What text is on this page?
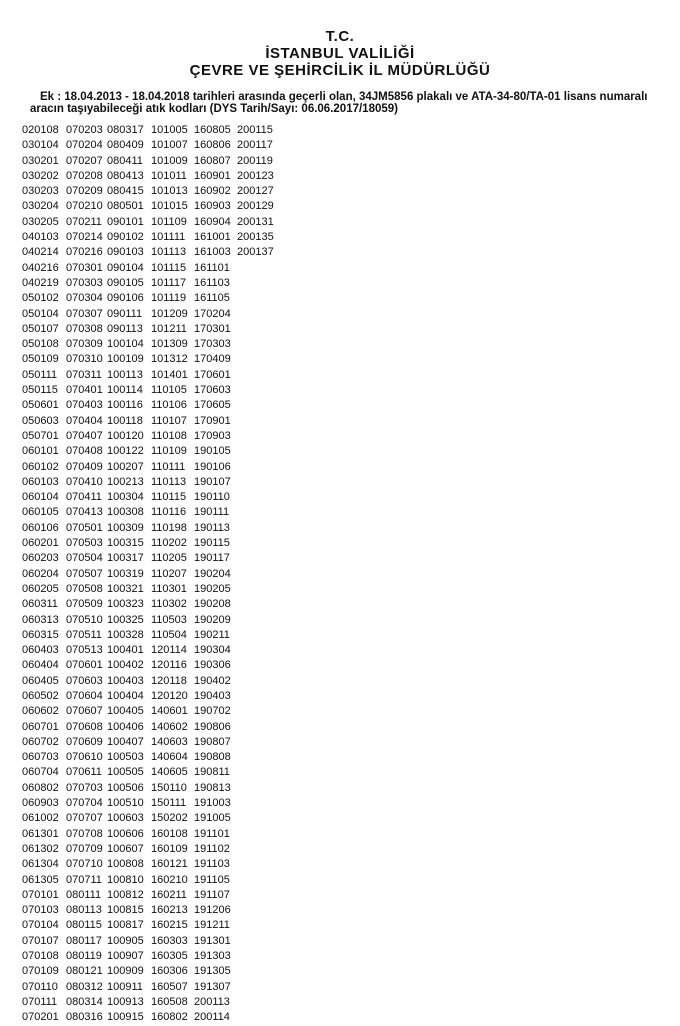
T.C.
İSTANBUL VALİLİĞİ
ÇEVRE VE ŞEHİRCİLİK İL MÜDÜRLÜĞÜ
Ek : 18.04.2013 - 18.04.2018 tarihleri arasında geçerli olan, 34JM5856 plakalı ve ATA-34-80/TA-01 lisans numaralı
aracın taşıyabileceği atık kodları (DYS Tarih/Sayı: 06.06.2017/18059)
020108
030104
030201
030202
030203
030204
030205
040103
040214
040216
040219
050102
050104
050107
050108
050109
050111
050115
050601
050603
050701
060101
060102
060103
060104
060105
060106
060201
060203
060204
060205
060311
060313
060315
060403
060404
060405
060502
060602
060701
060702
060703
060704
060802
060903
061002
061301
061302
061304
061305
070101
070103
070104
070107
070108
070109
070110
070111
070201
070203
070204
070207
070208
070209
070210
070211
070214
070216
070301
070303
070304
070307
070308
070309
070310
070311
070401
070403
070404
070407
070408
070409
070410
070411
070413
070501
070503
070504
070507
070508
070509
070510
070511
070513
070601
070603
070604
070607
070608
070609
070610
070611
070703
070704
070707
070708
070709
070710
070711
080111
080113
080115
080117
080119
080121
080312
080314
080316
080317
080409
080411
080413
080415
080501
090101
090102
090103
090104
090105
090106
090111
090113
100104
100109
100113
100114
100116
100118
100120
100122
100207
100213
100304
100308
100309
100315
100317
100319
100321
100323
100325
100328
100401
100402
100403
100404
100405
100406
100407
100503
100505
100506
100510
100603
100606
100607
100808
100810
100812
100815
100817
100905
100907
100909
100911
100913
100915
101005
101007
101009
101011
101013
101015
101109
101111
101113
101115
101117
101119
101209
101211
101309
101312
101401
110105
110106
110107
110108
110109
110111
110113
110115
110116
110198
110202
110205
110207
110301
110302
110503
110504
120114
120116
120118
120120
140601
140602
140603
140604
140605
150110
150111
150202
160108
160109
160121
160210
160211
160213
160215
160303
160305
160306
160507
160508
160802
160805
160806
160807
160901
160902
160903
160904
161001
161003
161101
161103
161105
170204
170301
170303
170409
170601
170603
170605
170901
170903
190105
190106
190107
190110
190111
190113
190115
190117
190204
190205
190208
190209
190211
190304
190306
190402
190403
190702
190806
190807
190808
190811
190813
191003
191005
191101
191102
191103
191105
191107
191206
191211
191301
191303
191305
191307
200113
200114
200115
200117
200119
200123
200127
200129
200131
200135
200137
